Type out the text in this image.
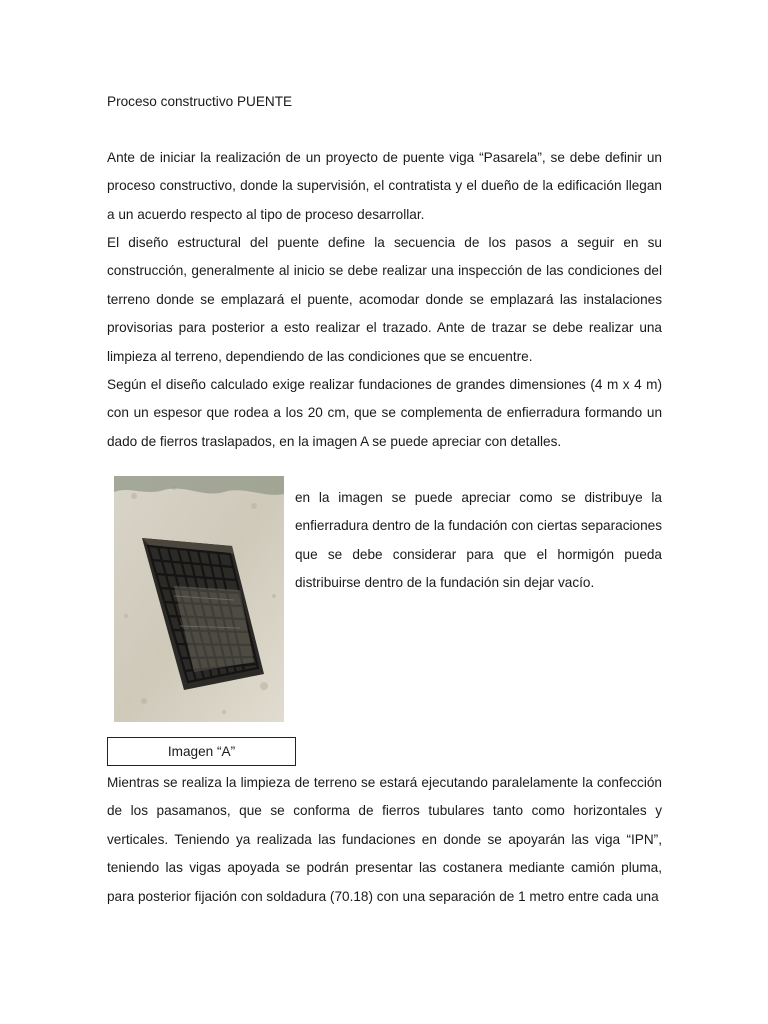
Proceso constructivo PUENTE

Ante de iniciar la realización de un proyecto de puente viga “Pasarela”, se debe definir un proceso constructivo, donde la supervisión, el contratista y el dueño de la edificación llegan a un acuerdo respecto al tipo de proceso desarrollar.

El diseño estructural del puente define la secuencia de los pasos a seguir en su construcción, generalmente al inicio se debe realizar una inspección de las condiciones del terreno donde se emplazará el puente, acomodar donde se emplazará las instalaciones provisorias para posterior a esto realizar el trazado. Ante de trazar se debe realizar una limpieza al terreno, dependiendo de las condiciones que se encuentre.

Según el diseño calculado exige realizar fundaciones de grandes dimensiones (4 m x 4 m) con un espesor que rodea a los 20 cm, que se complementa de enfierradura formando un dado de fierros traslapados, en la imagen A se puede apreciar con detalles.

en la imagen se puede apreciar como se distribuye la enfierradura dentro de la fundación con ciertas separaciones que se debe considerar para que el hormigón pueda distribuirse dentro de la fundación sin dejar vacío.

Imagen “A”

Mientras se realiza la limpieza de terreno se estará ejecutando paralelamente la confección de los pasamanos, que se conforma de fierros tubulares tanto como horizontales y verticales. Teniendo ya realizada las fundaciones en donde se apoyarán las viga “IPN”, teniendo las vigas apoyada se podrán presentar las costanera mediante camión pluma, para posterior fijación con soldadura (70.18) con una separación de 1 metro entre cada una
